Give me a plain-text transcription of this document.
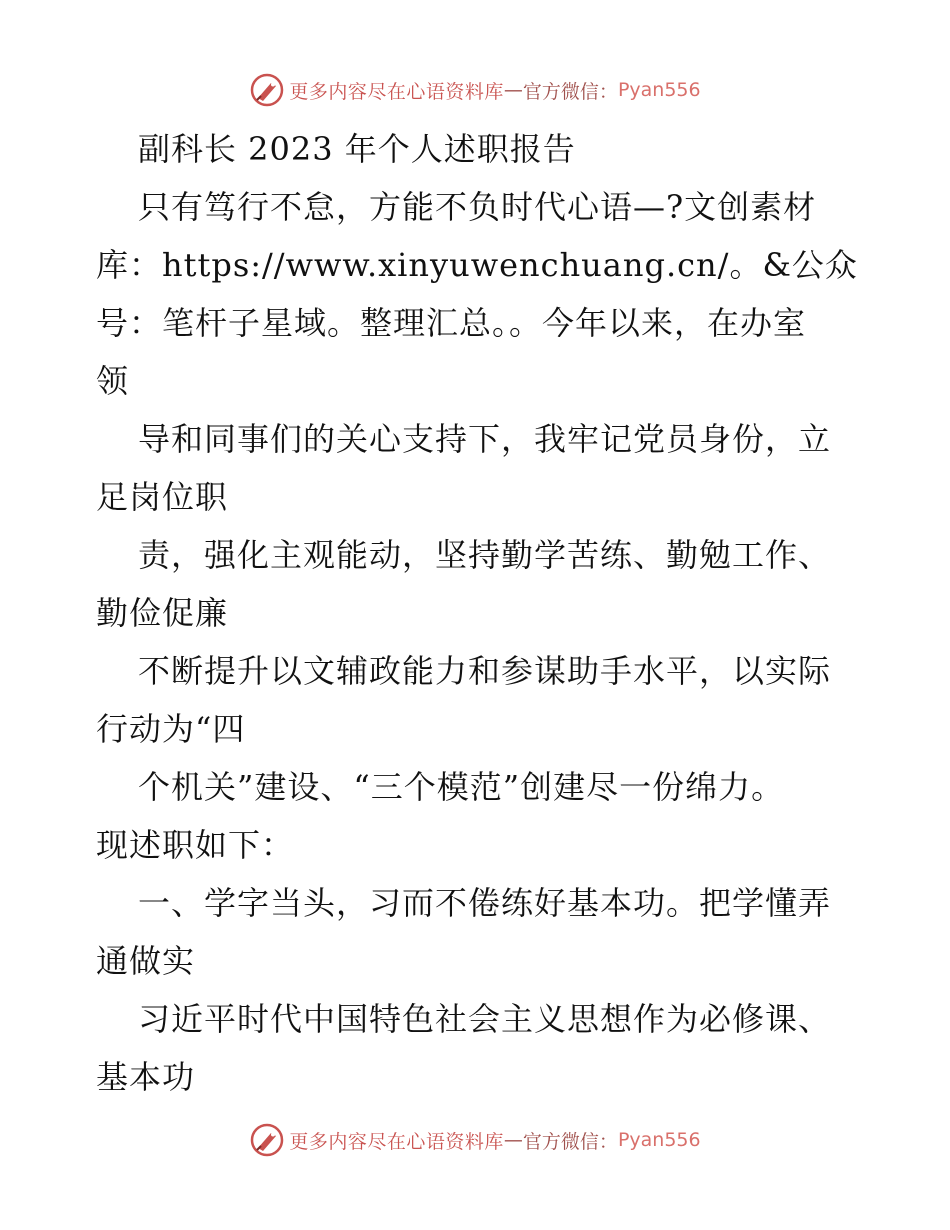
更多内容尽在心语资料库 — 官方微信： Pyan556
副科长 2023 年个人述职报告
只有笃行不怠，方能不负时代心语—?文创素材
库：https://www.xinyuwenchuang.cn/。&公众
号：笔杆子星域。整理汇总。。今年以来，在办室
领
导和同事们的关心支持下，我牢记党员身份，立
足岗位职
责，强化主观能动，坚持勤学苦练、勤勉工作、
勤俭促廉
不断提升以文辅政能力和参谋助手水平，以实际
行动为“四
个机关”建设、“三个模范”创建尽一份绵力。
现述职如下：
一、学字当头，习而不倦练好基本功。把学懂弄
通做实
习近平时代中国特色社会主义思想作为必修课、
基本功
更多内容尽在心语资料库 — 官方微信： Pyan556
